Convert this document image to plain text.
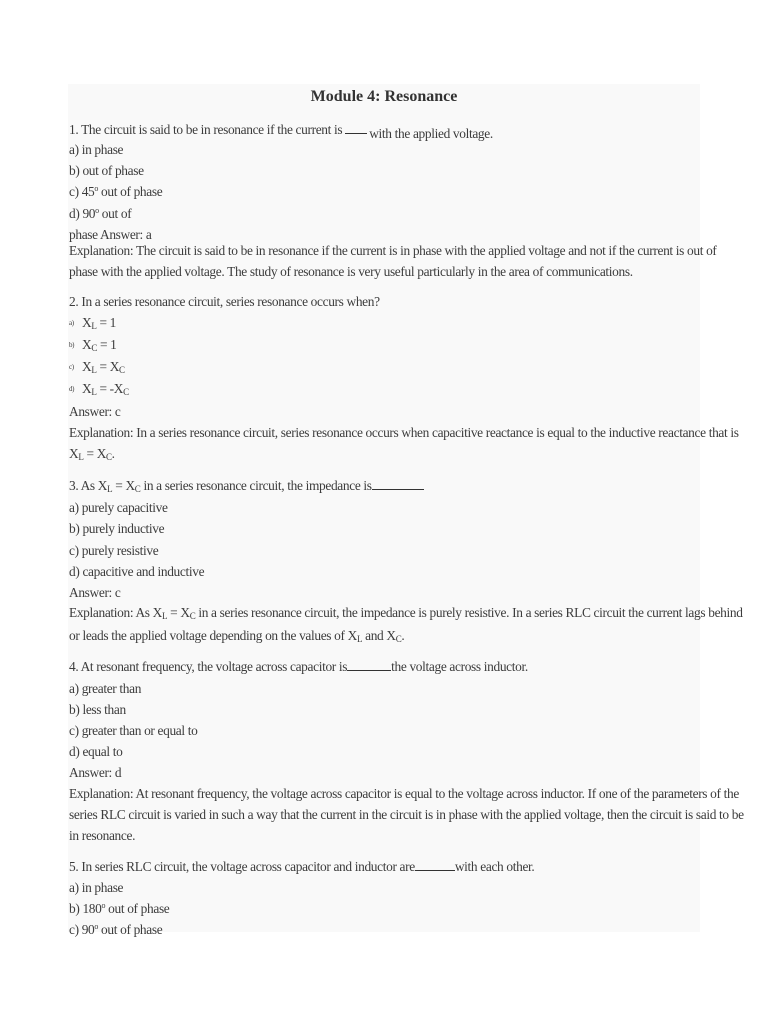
Module 4: Resonance
1. The circuit is said to be in resonance if the current is with the applied voltage.
a) in phase
b) out of phase
c) 45$^o$ out of phase
d) 90$^o$ out of
phase Answer: a
Explanation: The circuit is said to be in resonance if the current is in phase with the applied voltage and not if the current is out of
phase with the applied voltage. The study of resonance is very useful particularly in the area of communications.
2. In a series resonance circuit, series resonance occurs when?
a) $X_L = 1$
b) $X_C = 1$
c) $X_L = X_C$
d) $X_L = -X_C$
Answer: c
Explanation: In a series resonance circuit, series resonance occurs when capacitive reactance is equal to the inductive reactance that is
$X_L = X_C$.
3. As $X_L = X_C$ in a series resonance circuit, the impedance is
a) purely capacitive
b) purely inductive
c) purely resistive
d) capacitive and inductive
Answer: c
Explanation: As $X_L = X_C$ in a series resonance circuit, the impedance is purely resistive. In a series RLC circuit the current lags behind
or leads the applied voltage depending on the values of $X_L$ and $X_C$.
4. At resonant frequency, the voltage across capacitor is	the voltage across inductor.
a) greater than
b) less than
c) greater than or equal to
d) equal to
Answer: d
Explanation: At resonant frequency, the voltage across capacitor is equal to the voltage across inductor. If one of the parameters of the
series RLC circuit is varied in such a way that the current in the circuit is in phase with the applied voltage, then the circuit is said to be
in resonance.
5. In series RLC circuit, the voltage across capacitor and inductor are	with each other.
a) in phase
b) 180$^o$ out of phase
c) 90$^o$ out of phase
